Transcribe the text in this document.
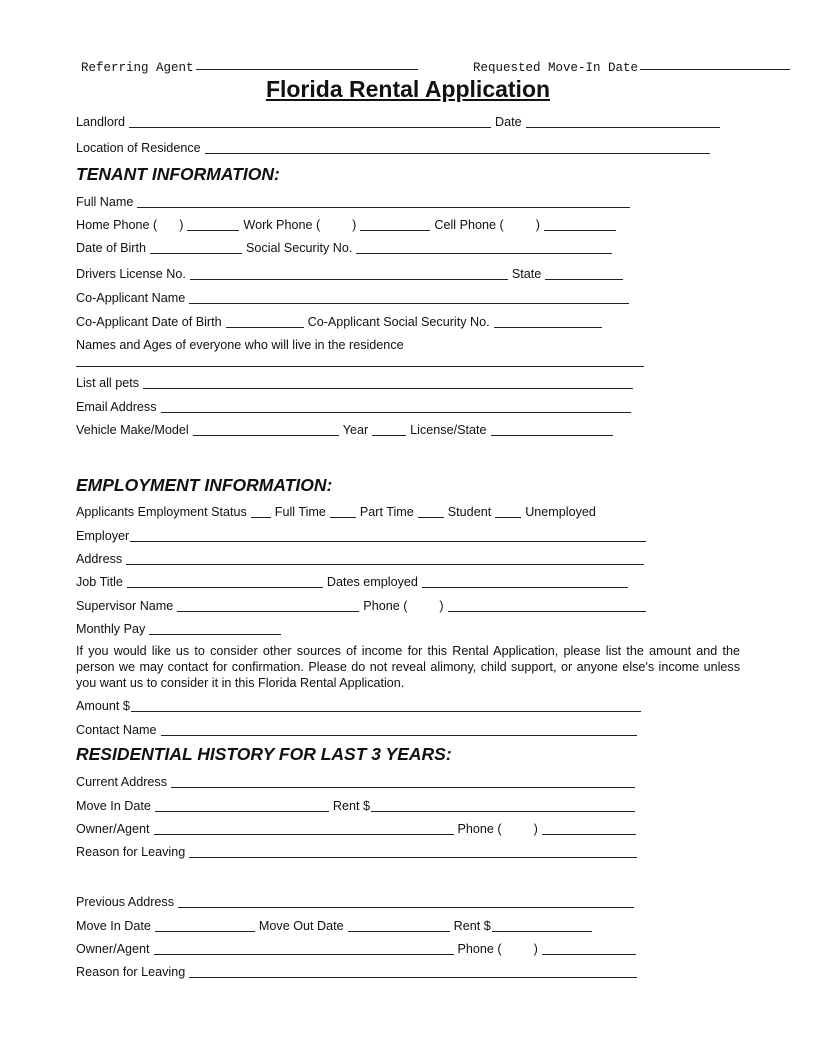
Referring Agent	Requested Move-In Date
Florida Rental Application
Landlord	Date
Location of Residence
TENANT INFORMATION:
Full Name
Home Phone ( )	Work Phone (	)	Cell Phone (	)
Date of Birth	Social Security No.
Drivers License No.	State
Co-Applicant Name
Co-Applicant Date of Birth	Co-Applicant Social Security No.
Names and Ages of everyone who will live in the residence
List all pets
Email Address
Vehicle Make/Model	Year	License/State
EMPLOYMENT INFORMATION:
Applicants Employment Status Full Time	Part Time	Student	Unemployed
Employer
Address
Job Title	Dates employed
Supervisor Name	Phone (	)
Monthly Pay
If you would like us to consider other sources of income for this Rental Application, please list the amount and the person we may contact for confirmation. Please do not reveal alimony, child support, or anyone else's income unless you want us to consider it in this Florida Rental Application.
Amount $
Contact Name
RESIDENTIAL HISTORY FOR LAST 3 YEARS:
Current Address
Move In Date	Rent $
Owner/Agent	Phone (	)
Reason for Leaving
Previous Address
Move In Date	Move Out Date	Rent $
Owner/Agent	Phone (	)
Reason for Leaving
